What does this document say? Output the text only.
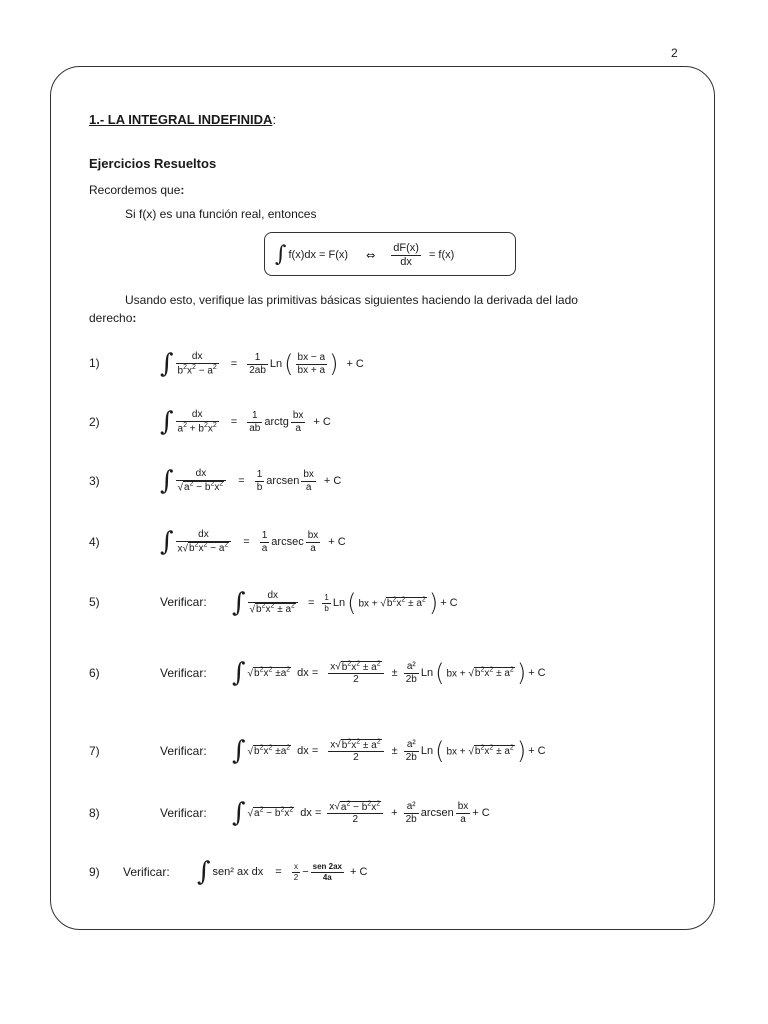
2
1.- LA INTEGRAL INDEFINIDA:
Ejercicios Resueltos
Recordemos que:
Si f(x) es una función real, entonces
∫ f(x)dx = F(x) ⇔ $\frac{dF(x)}{dx} = f(x)$
Usando esto, verifique las primitivas básicas siguientes haciendo la derivada del lado
derecho:
1) ∫ $\frac{dx}{b^2x^2 - a^2} = \frac{1}{2ab}$ Ln ( $\frac{bx - a}{bx + a}$ ) + C
2) ∫ $\frac{dx}{a^2 + b^2x^2} = \frac{1}{ab}$ arctg $\frac{bx}{a} + C$
3) ∫ $\frac{dx}{√a^2 - b^2x^2} = \frac{1}{b}$ arcsen $\frac{bx}{a} + C$
4) ∫ $\frac{dx}{x√b^2x^2 - a^2} = \frac{1}{a}$ arcsec $\frac{bx}{a} + C$
5)	Verificar: ∫ $\frac{dx}{√b^2x^2 \pm a^2} = \frac{1}{b}$ Ln ( bx + $√b^2x^2 \pm a^2$ ) + C
6)	Verificar: ∫ $√b^2x^2 \pm a^2$ dx = $\frac{x√b^2x^2 \pm a^2}{2} \pm \frac{\text{a²}}{2b}$ Ln ( bx + $√b^2x^2 \pm a^2$ ) + C
7)	Verificar: ∫ $√b^2x^2 \pm a^2$ dx = $\frac{x√b^2x^2 \pm a^2}{2} \pm \frac{\text{a²}}{2b}$ Ln ( bx + $√b^2x^2 \pm a^2$ ) + C
8)	Verificar: ∫ $√a^2 - b^2x^2$ dx = $\frac{x√a^2 - b^2x^2}{2} + \frac{\text{a²}}{2b}$ arcsen $\frac{bx}{a} + C$
9) Verificar: ∫ sen² ax dx = $\frac{x}{2} - \frac{\text{sen 2ax}}{4a} + C$
